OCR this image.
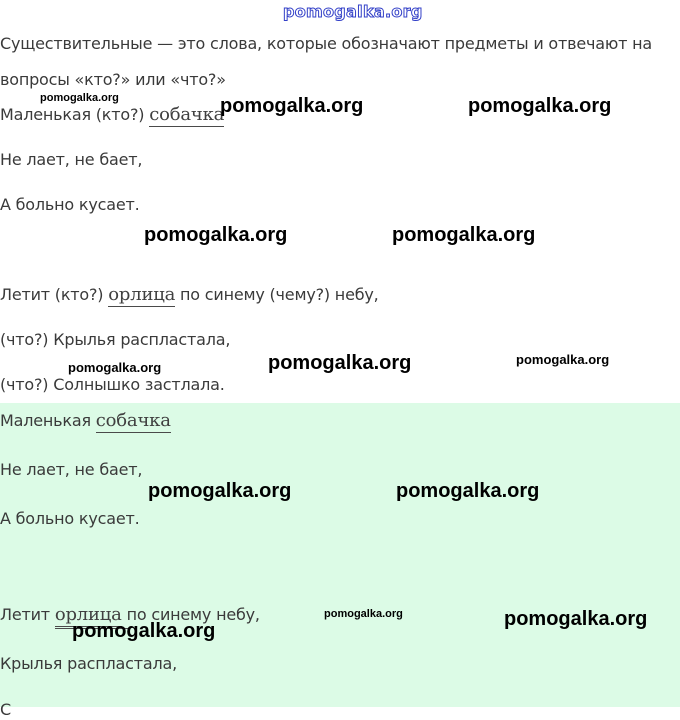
pomogalka.org
Существительные — это слова, которые обозначают предметы и отвечают на
вопросы «кто?» или «что?»
Маленькая (кто?) собачка
Не лает, не бает,
А больно кусает.
Летит (кто?) орлица по синему (чему?) небу,
(что?) Крылья распластала,
(что?) Солнышко застлала.
Маленькая собачка
Не лает, не бает,
А больно кусает.
Летит орлица по синему небу,
Крылья распластала,
С
pomogalka.org	pomogalka.org	pomogalka.org
pomogalka.org	pomogalka.org
pomogalka.org	pomogalka.org	pomogalka.org
pomogalka.org	pomogalka.org
pomogalka.org	pomogalka.org
pomogalka.org
